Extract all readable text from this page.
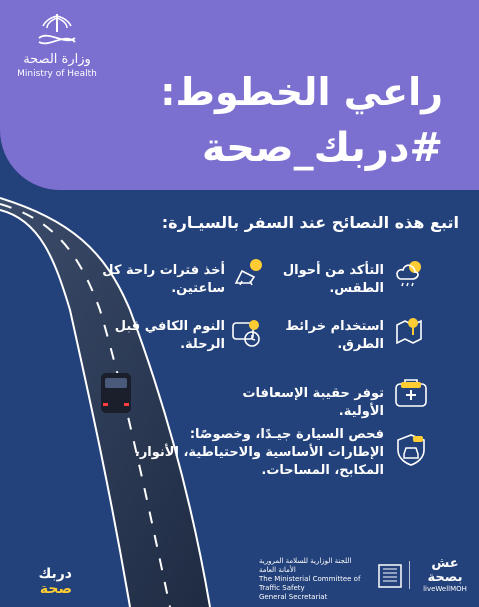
وزارة الصحة
Ministry of Health راعي الخطوط:
#دربك_صحة
اتبع هذه النصائح عند السفر بالسيـارة:
التأكد من أحوال الطقس.
أخذ فترات راحة كل ساعتين.
استخدام خرائط الطرق.
النوم الكافي قبل الرحلة.
توفر حقيبة الإسعافات الأولية.
فحص السيارة جيـدًا، وخصوصًا: الإطارات الأساسية والاحتياطية، الأنوار، المكابح، المساحات.
دربك
صحة
اللجنة الوزارية للسلامة المرورية
الأمانة العامة
The Ministerial Committee of Traffic Safety
General Secretariat
عش بصحة
liveWellMOH
